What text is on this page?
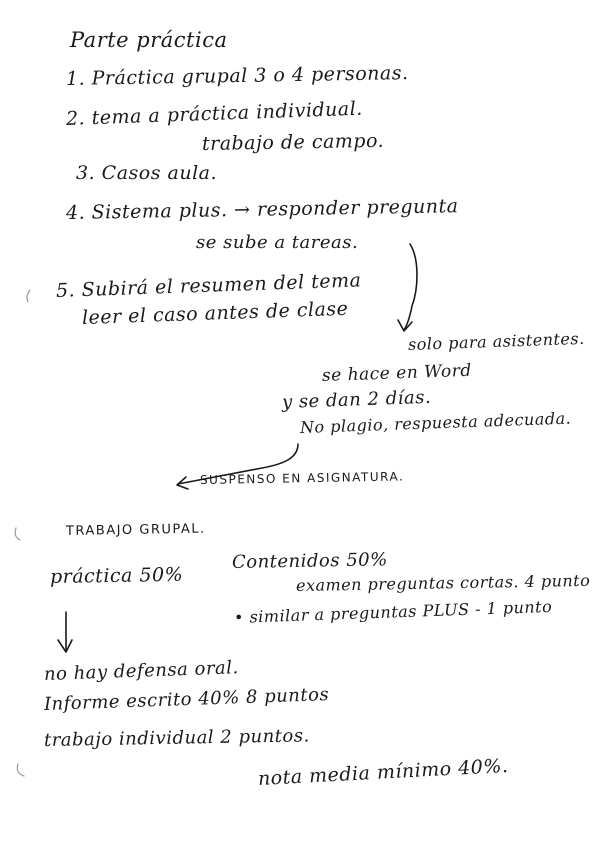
Parte práctica
1. Práctica grupal 3 o 4 personas.
2. tema a práctica individual.
trabajo de campo.
3. Casos aula.
4. Sistema plus. → responder pregunta
se sube a tareas.
5. Subirá el resumen del tema
leer el caso antes de clase
solo para asistentes.
se hace en Word
y se dan 2 días.
No plagio, respuesta adecuada.
SUSPENSO EN ASIGNATURA.
TRABAJO GRUPAL.
práctica 50%
Contenidos 50%
examen preguntas cortas. 4 punto
• similar a preguntas PLUS - 1 punto
no hay defensa oral.
Informe escrito 40% 8 puntos
trabajo individual 2 puntos.
nota media mínimo 40%.
